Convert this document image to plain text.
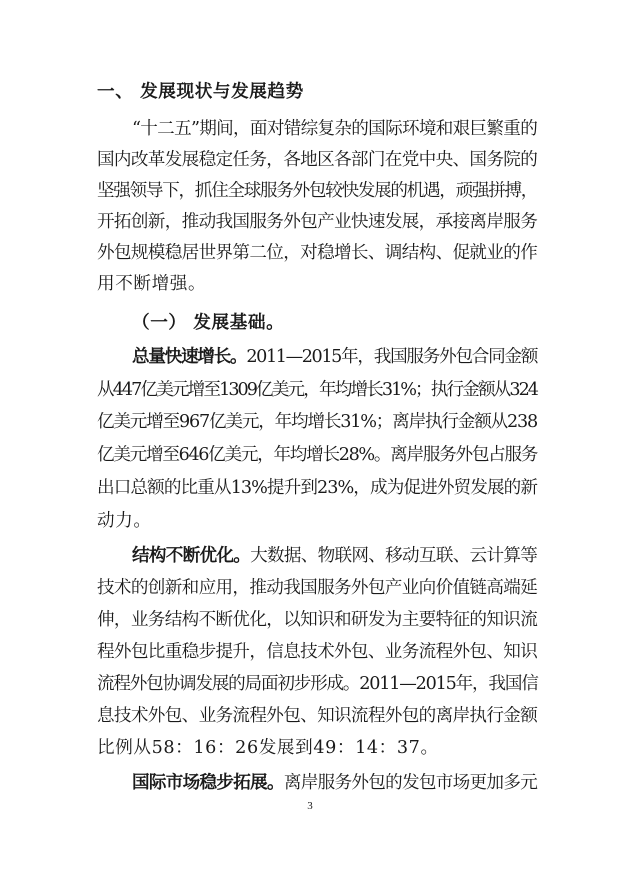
一、 发展现状与发展趋势
“十二五”期间，面对错综复杂的国际环境和艰巨繁重的
国内改革发展稳定任务，各地区各部门在党中央、国务院的
坚强领导下，抓住全球服务外包较快发展的机遇，顽强拼搏，
开拓创新，推动我国服务外包产业快速发展，承接离岸服务
外包规模稳居世界第二位，对稳增长、调结构、促就业的作
用不断增强。
（一） 发展基础。
总量快速增长。2011—2015年，我国服务外包合同金额
从447亿美元增至1309亿美元，年均增长31%；执行金额从324
亿美元增至967亿美元，年均增长31%；离岸执行金额从238
亿美元增至646亿美元，年均增长28%。离岸服务外包占服务
出口总额的比重从13%提升到23%，成为促进外贸发展的新
动力。
结构不断优化。大数据、物联网、移动互联、云计算等
技术的创新和应用，推动我国服务外包产业向价值链高端延
伸，业务结构不断优化，以知识和研发为主要特征的知识流
程外包比重稳步提升，信息技术外包、业务流程外包、知识
流程外包协调发展的局面初步形成。2011—2015年，我国信
息技术外包、业务流程外包、知识流程外包的离岸执行金额
比例从58：16：26发展到49：14：37。
国际市场稳步拓展。离岸服务外包的发包市场更加多元
3
